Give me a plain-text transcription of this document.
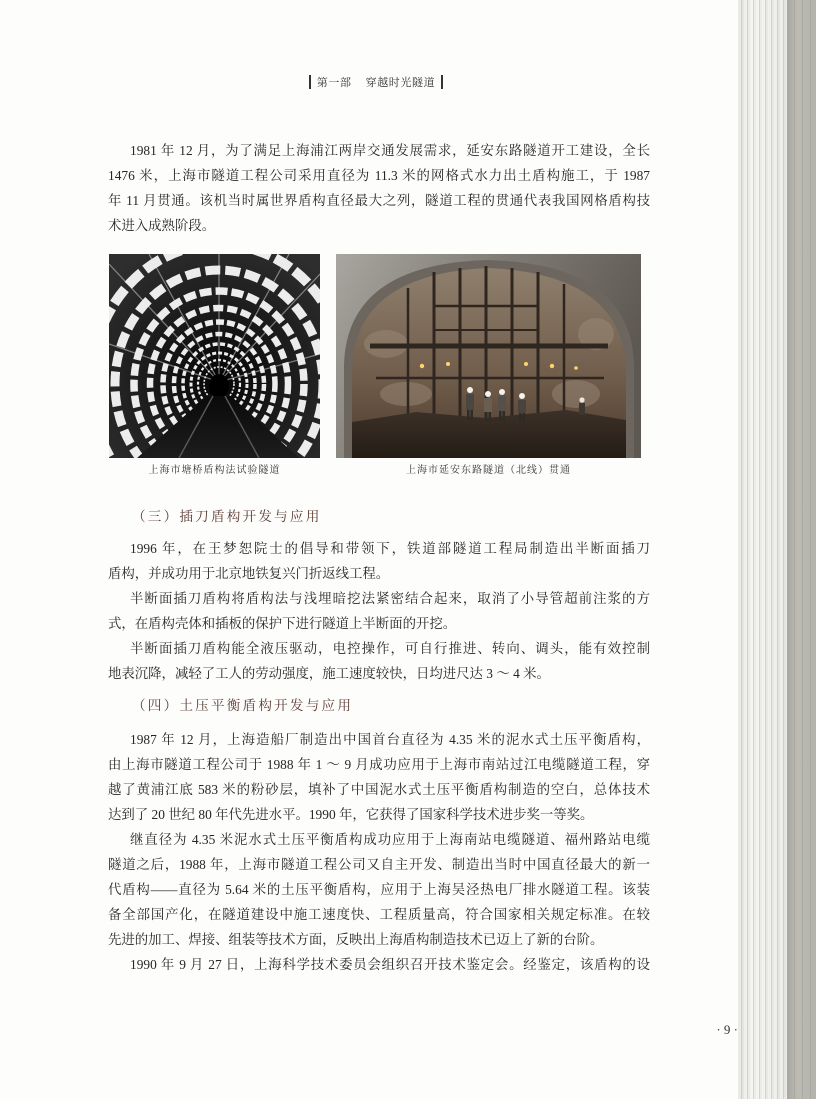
第一部 穿越时光隧道
1981 年 12 月，为了满足上海浦江两岸交通发展需求，延安东路隧道开工建设，全长
1476 米，上海市隧道工程公司采用直径为 11.3 米的网格式水力出土盾构施工，于 1987
年 11 月贯通。该机当时属世界盾构直径最大之列，隧道工程的贯通代表我国网格盾构技
术进入成熟阶段。
上海市塘桥盾构法试验隧道	上海市延安东路隧道（北线）贯通
（三）插刀盾构开发与应用
1996 年，在王梦恕院士的倡导和带领下，铁道部隧道工程局制造出半断面插刀
盾构，并成功用于北京地铁复兴门折返线工程。
半断面插刀盾构将盾构法与浅埋暗挖法紧密结合起来，取消了小导管超前注浆的方
式，在盾构壳体和插板的保护下进行隧道上半断面的开挖。
半断面插刀盾构能全液压驱动，电控操作，可自行推进、转向、调头，能有效控制
地表沉降，减轻了工人的劳动强度，施工速度较快，日均进尺达 3 ～ 4 米。
（四）土压平衡盾构开发与应用
1987 年 12 月，上海造船厂制造出中国首台直径为 4.35 米的泥水式土压平衡盾构，
由上海市隧道工程公司于 1988 年 1 ～ 9 月成功应用于上海市南站过江电缆隧道工程，穿
越了黄浦江底 583 米的粉砂层，填补了中国泥水式土压平衡盾构制造的空白，总体技术
达到了 20 世纪 80 年代先进水平。1990 年，它获得了国家科学技术进步奖一等奖。
继直径为 4.35 米泥水式土压平衡盾构成功应用于上海南站电缆隧道、福州路站电缆
隧道之后，1988 年，上海市隧道工程公司又自主开发、制造出当时中国直径最大的新一
代盾构——直径为 5.64 米的土压平衡盾构，应用于上海吴泾热电厂排水隧道工程。该装
备全部国产化，在隧道建设中施工速度快、工程质量高，符合国家相关规定标准。在较
先进的加工、焊接、组装等技术方面，反映出上海盾构制造技术已迈上了新的台阶。
1990 年 9 月 27 日，上海科学技术委员会组织召开技术鉴定会。经鉴定，该盾构的设
· 9 ·
